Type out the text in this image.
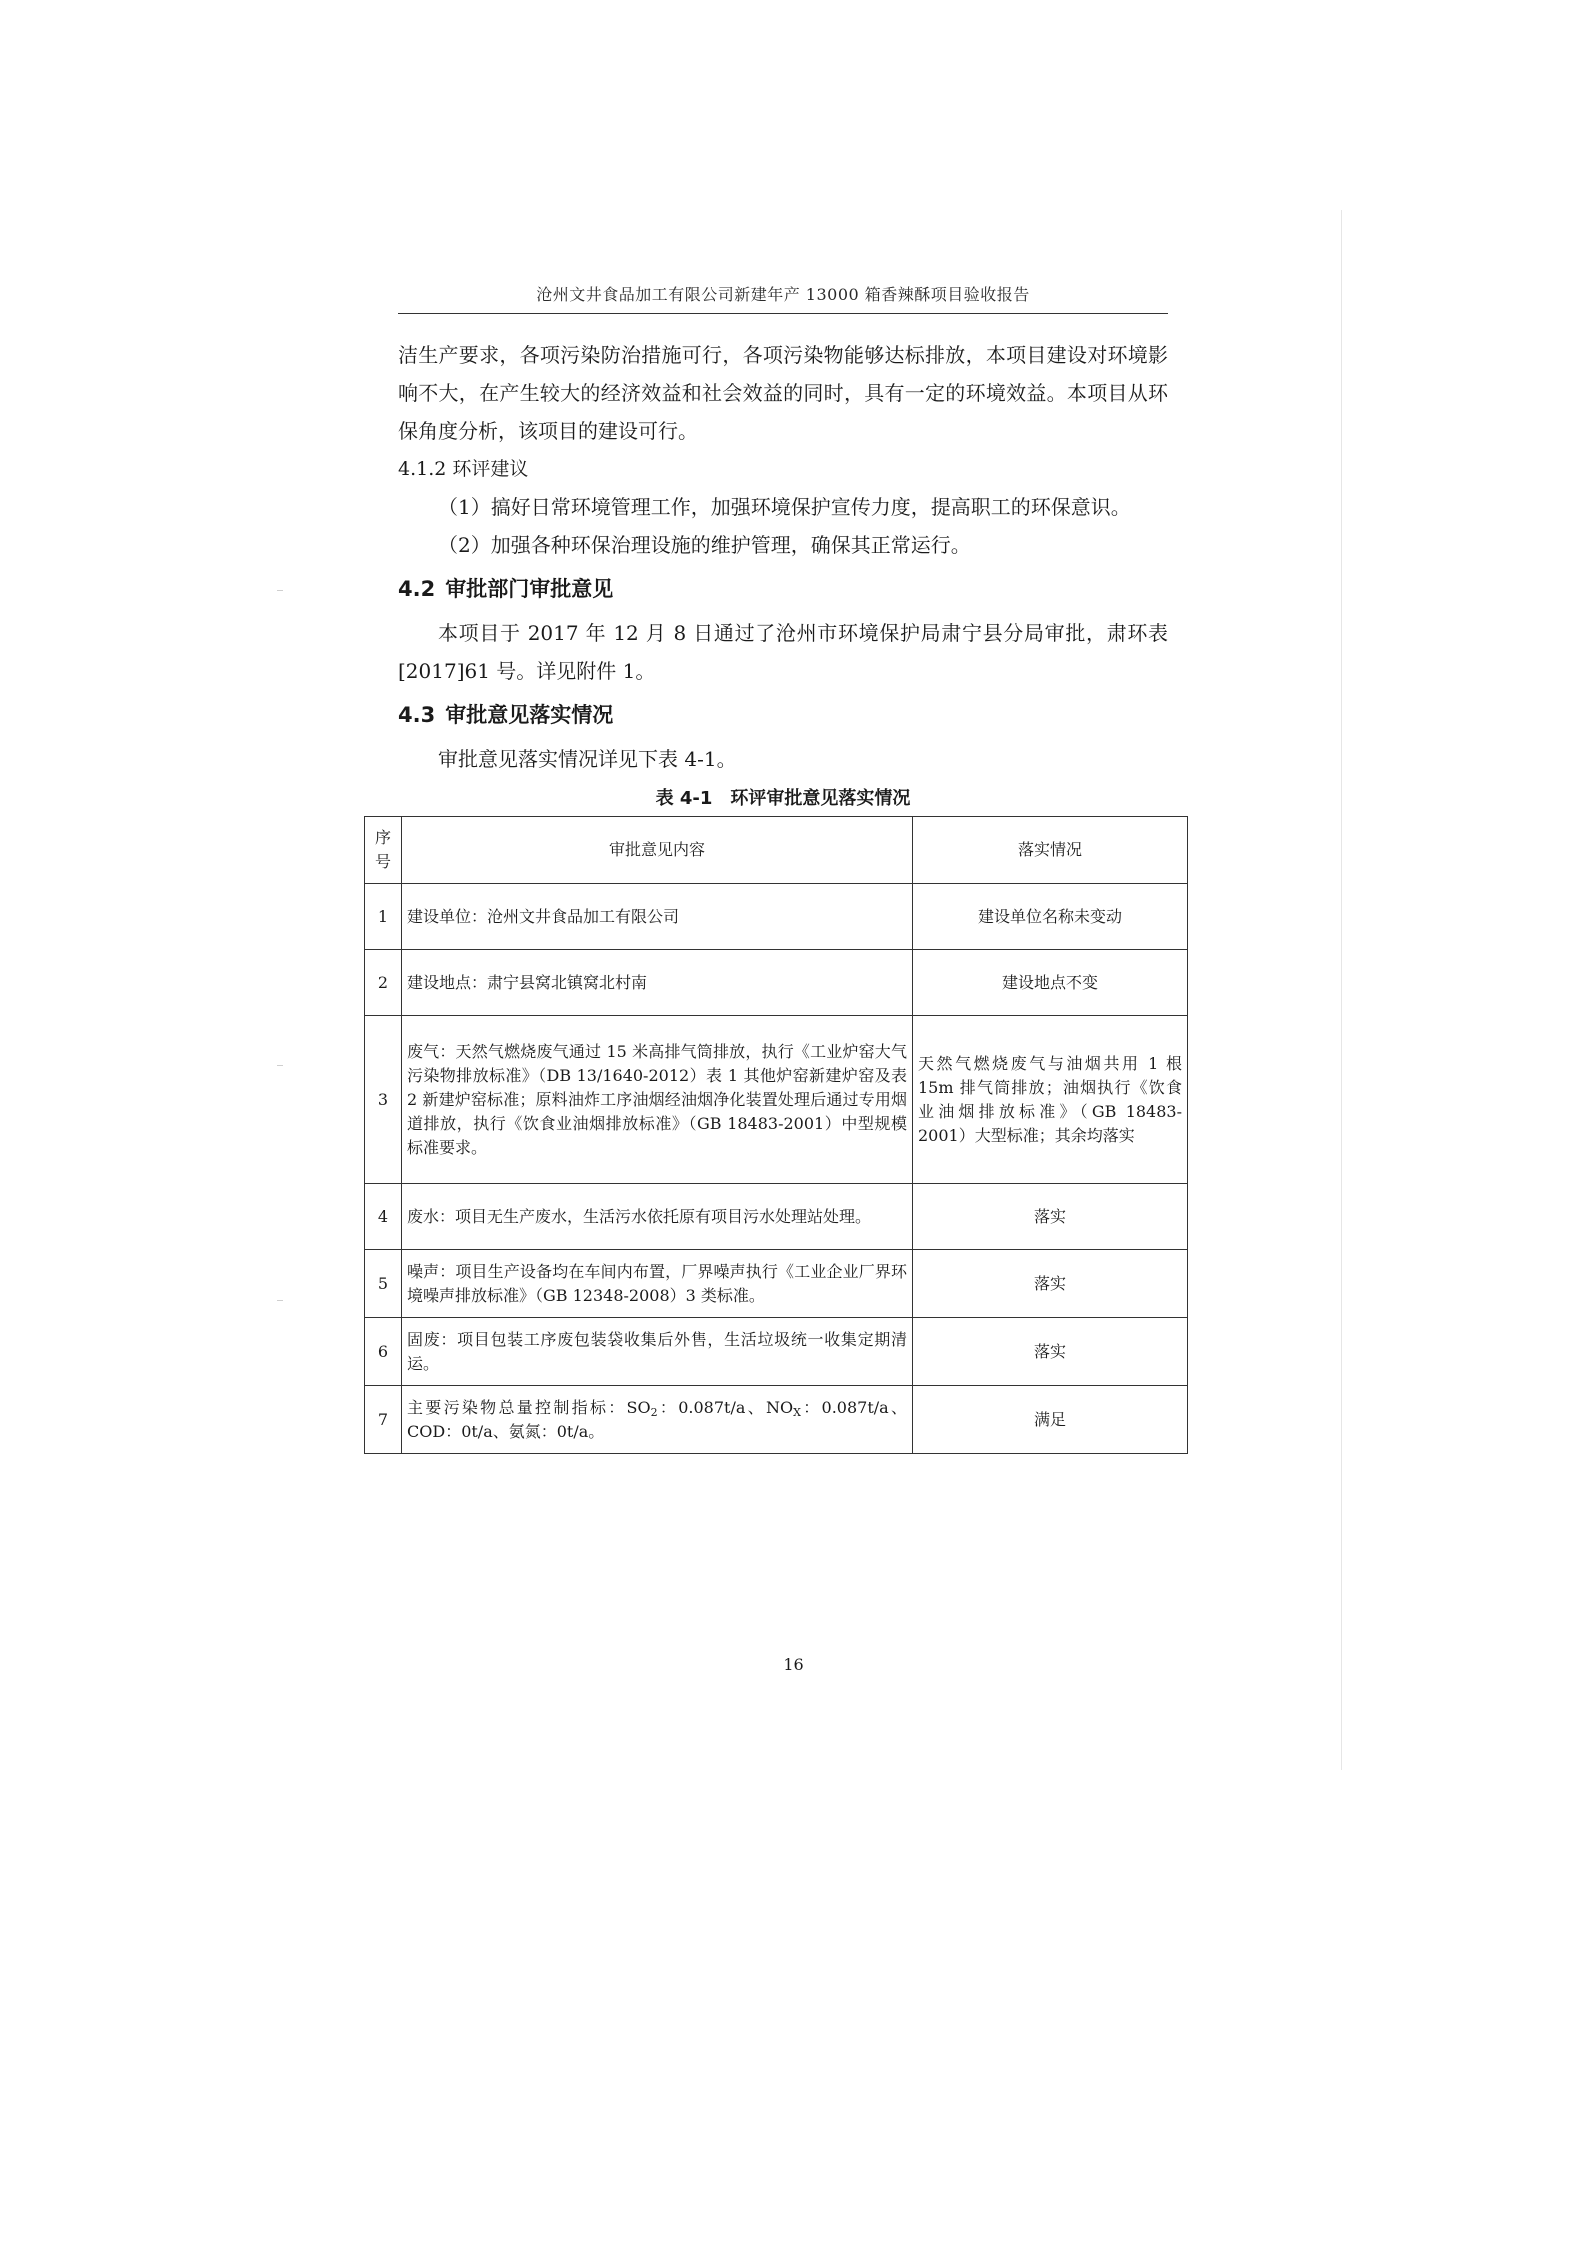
沧州文井食品加工有限公司新建年产 13000 箱香辣酥项目验收报告

洁生产要求，各项污染防治措施可行，各项污染物能够达标排放，本项目建设对环境影响不大，在产生较大的经济效益和社会效益的同时，具有一定的环境效益。本项目从环保角度分析，该项目的建设可行。

4.1.2 环评建议

（1）搞好日常环境管理工作，加强环境保护宣传力度，提高职工的环保意识。

（2）加强各种环保治理设施的维护管理，确保其正常运行。

4.2 审批部门审批意见

本项目于 2017 年 12 月 8 日通过了沧州市环境保护局肃宁县分局审批，肃环表[2017]61 号。详见附件 1。

4.3 审批意见落实情况

审批意见落实情况详见下表 4-1。

表 4-1 环评审批意见落实情况
序号	审批意见内容	落实情况
1	建设单位：沧州文井食品加工有限公司	建设单位名称未变动
2	建设地点：肃宁县窝北镇窝北村南	建设地点不变
3	废气：天然气燃烧废气通过 15 米高排气筒排放，执行《工业炉窑大气污染物排放标准》（DB 13/1640-2012）表 1 其他炉窑新建炉窑及表 2 新建炉窑标准；原料油炸工序油烟经油烟净化装置处理后通过专用烟道排放，执行《饮食业油烟排放标准》（GB 18483-2001）中型规模标准要求。	天然气燃烧废气与油烟共用 1 根 15m 排气筒排放；油烟执行《饮食业油烟排放标准》（GB 18483-2001）大型标准；其余均落实
4	废水：项目无生产废水，生活污水依托原有项目污水处理站处理。	落实
5	噪声：项目生产设备均在车间内布置，厂界噪声执行《工业企业厂界环境噪声排放标准》（GB 12348-2008）3 类标准。	落实
6	固废：项目包装工序废包装袋收集后外售，生活垃圾统一收集定期清运。	落实
7	主要污染物总量控制指标：$SO_2$：0.087t/a、$NO_X$：0.087t/a、COD：0t/a、氨氮：0t/a。	满足
16
